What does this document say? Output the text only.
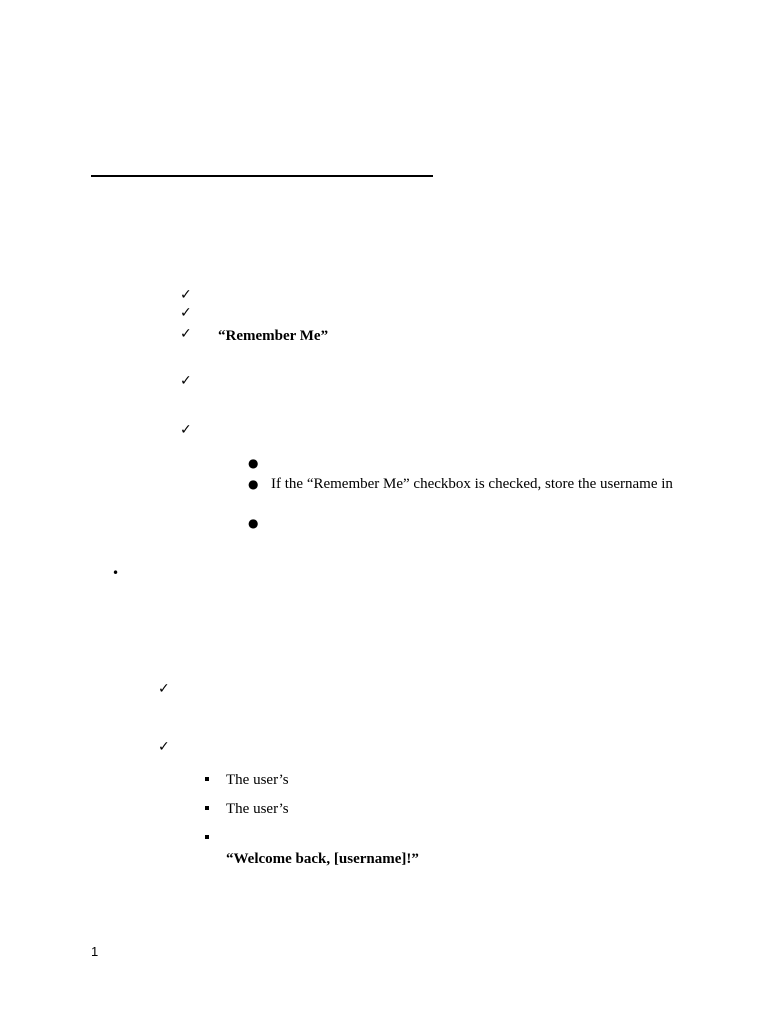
✓
✓
✓ “Remember Me”
✓
✓
●
● If the “Remember Me” checkbox is checked, store the username in
●
•
✓
✓
The user’s
The user’s
“Welcome back, [username]!”
1
